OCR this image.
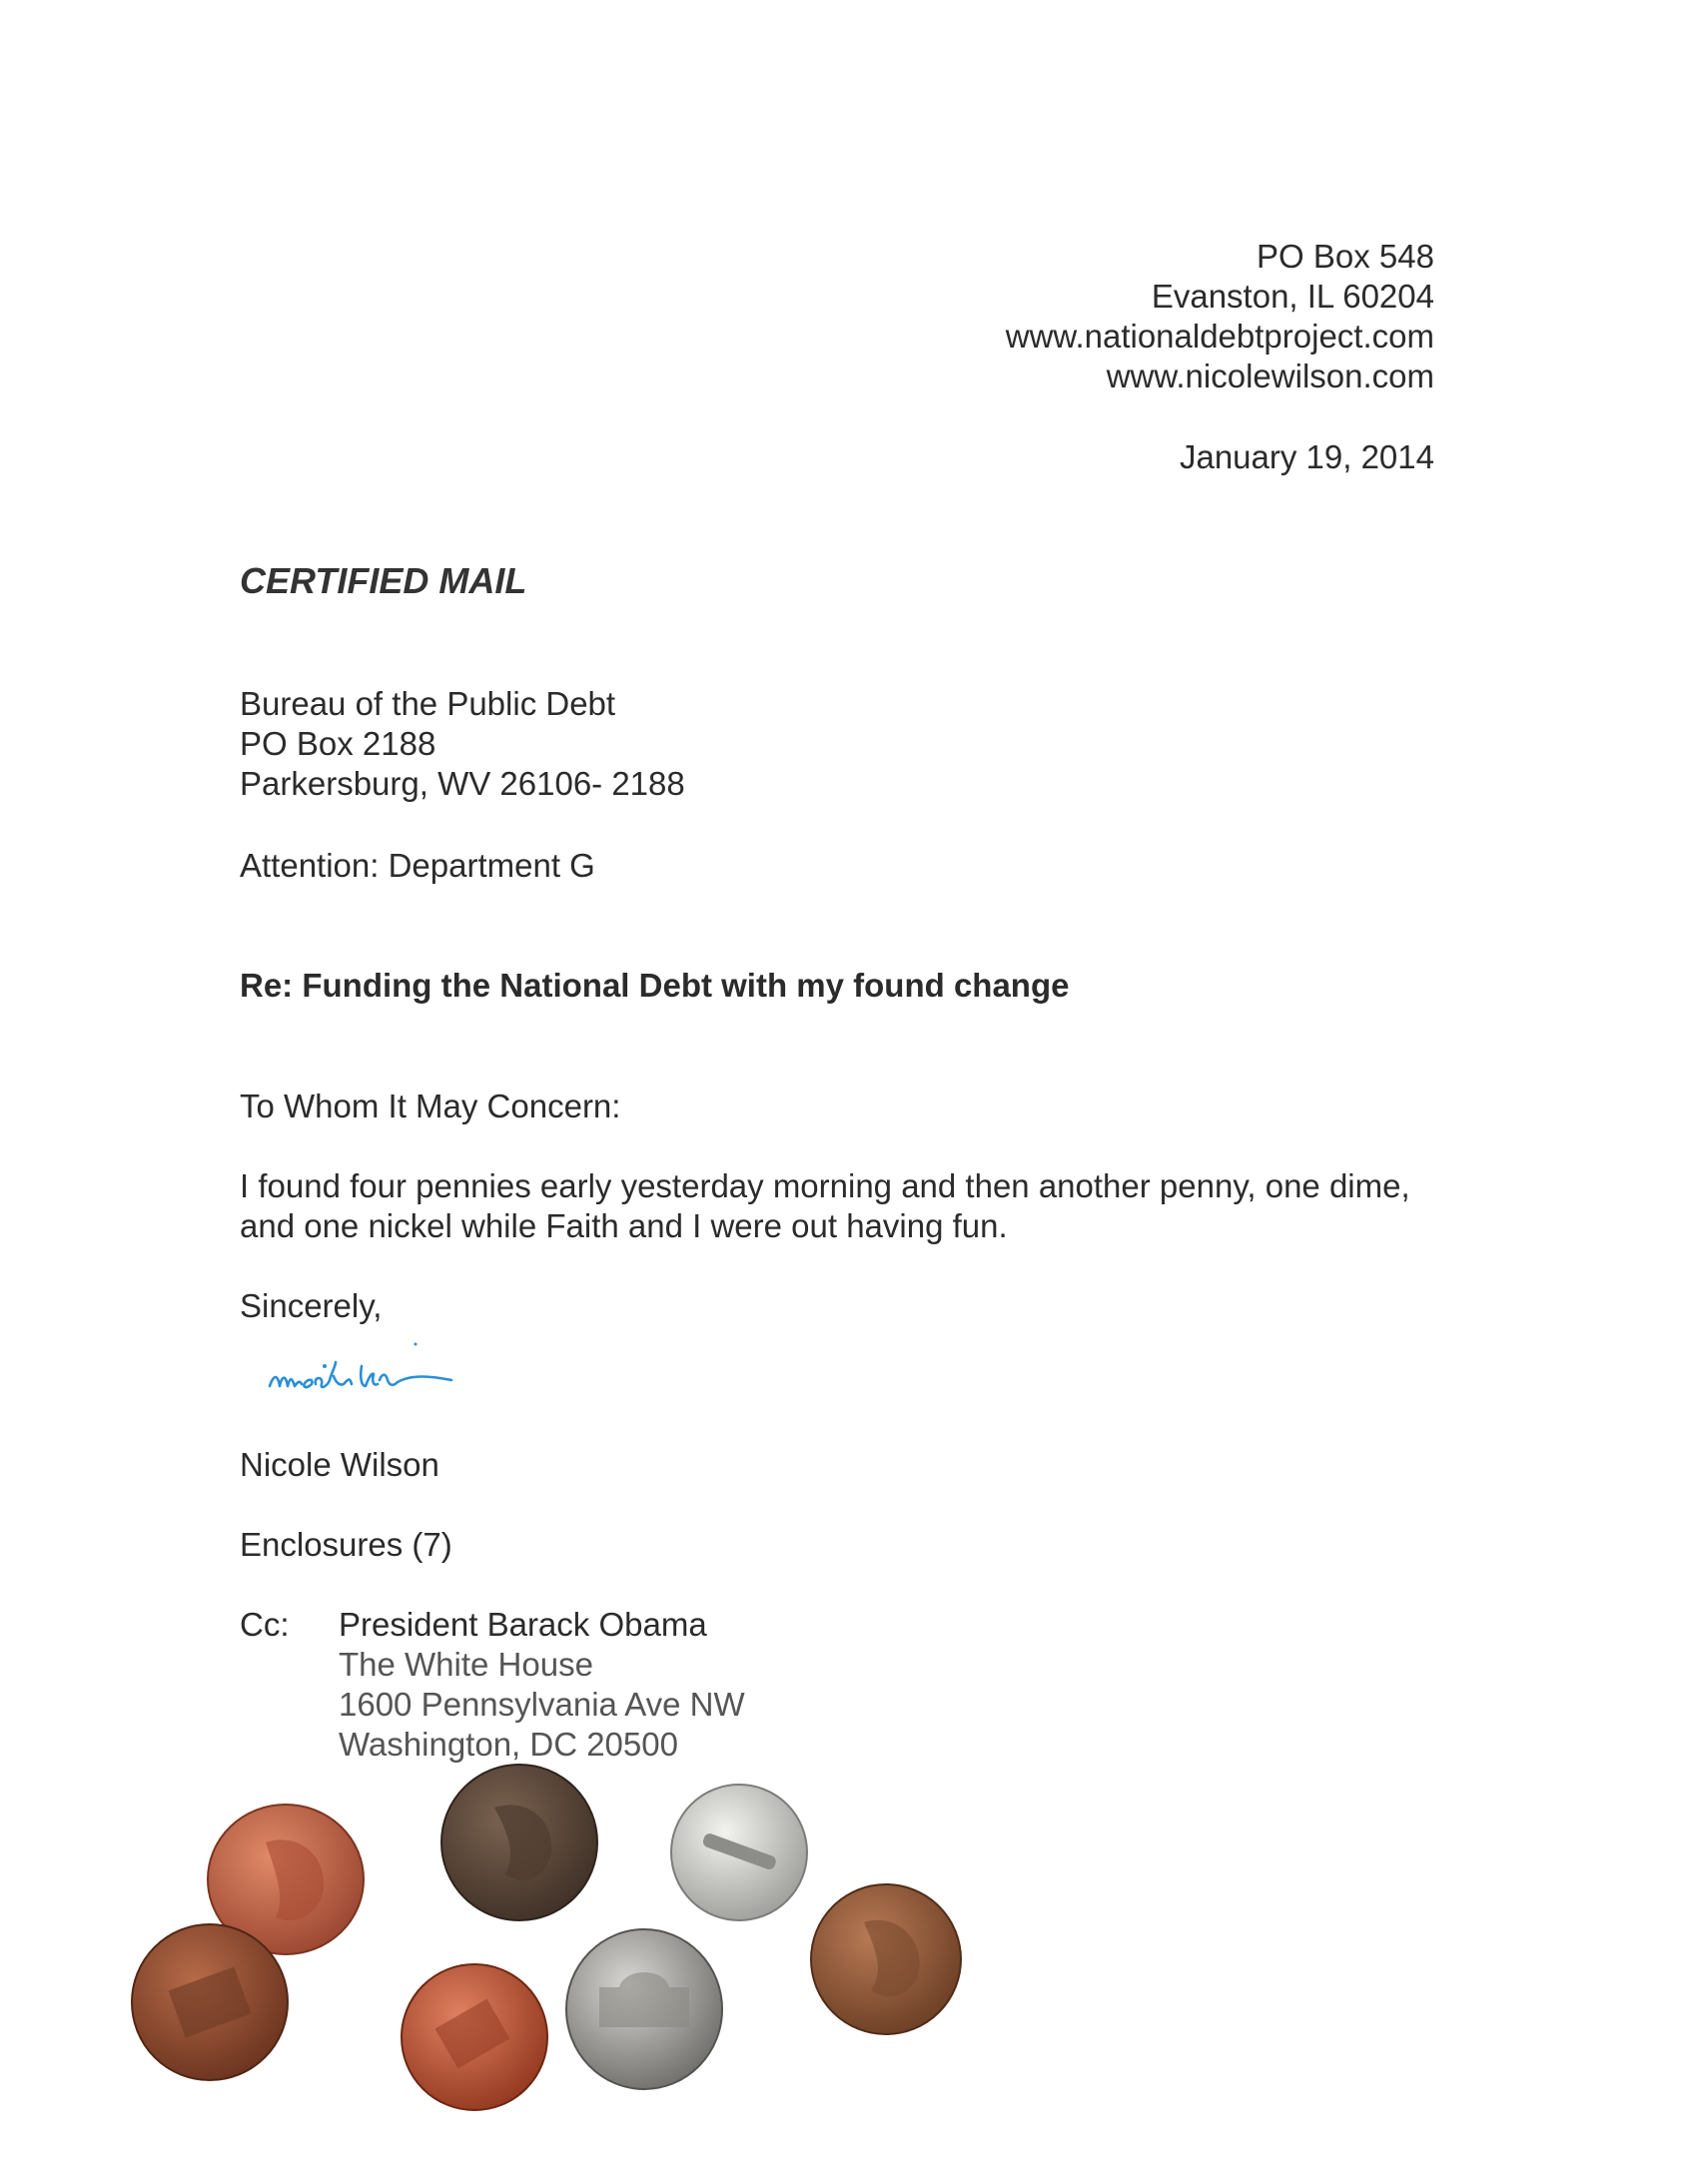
PO Box 548
Evanston, IL 60204
www.nationaldebtproject.com
www.nicolewilson.com
January 19, 2014
CERTIFIED MAIL
Bureau of the Public Debt
PO Box 2188
Parkersburg, WV 26106- 2188
Attention: Department G
Re: Funding the National Debt with my found change
To Whom It May Concern:
I found four pennies early yesterday morning and then another penny, one dime,
and one nickel while Faith and I were out having fun.
Sincerely,
Nicole Wilson
Enclosures (7)
Cc: President Barack Obama
The White House
1600 Pennsylvania Ave NW
Washington, DC 20500
